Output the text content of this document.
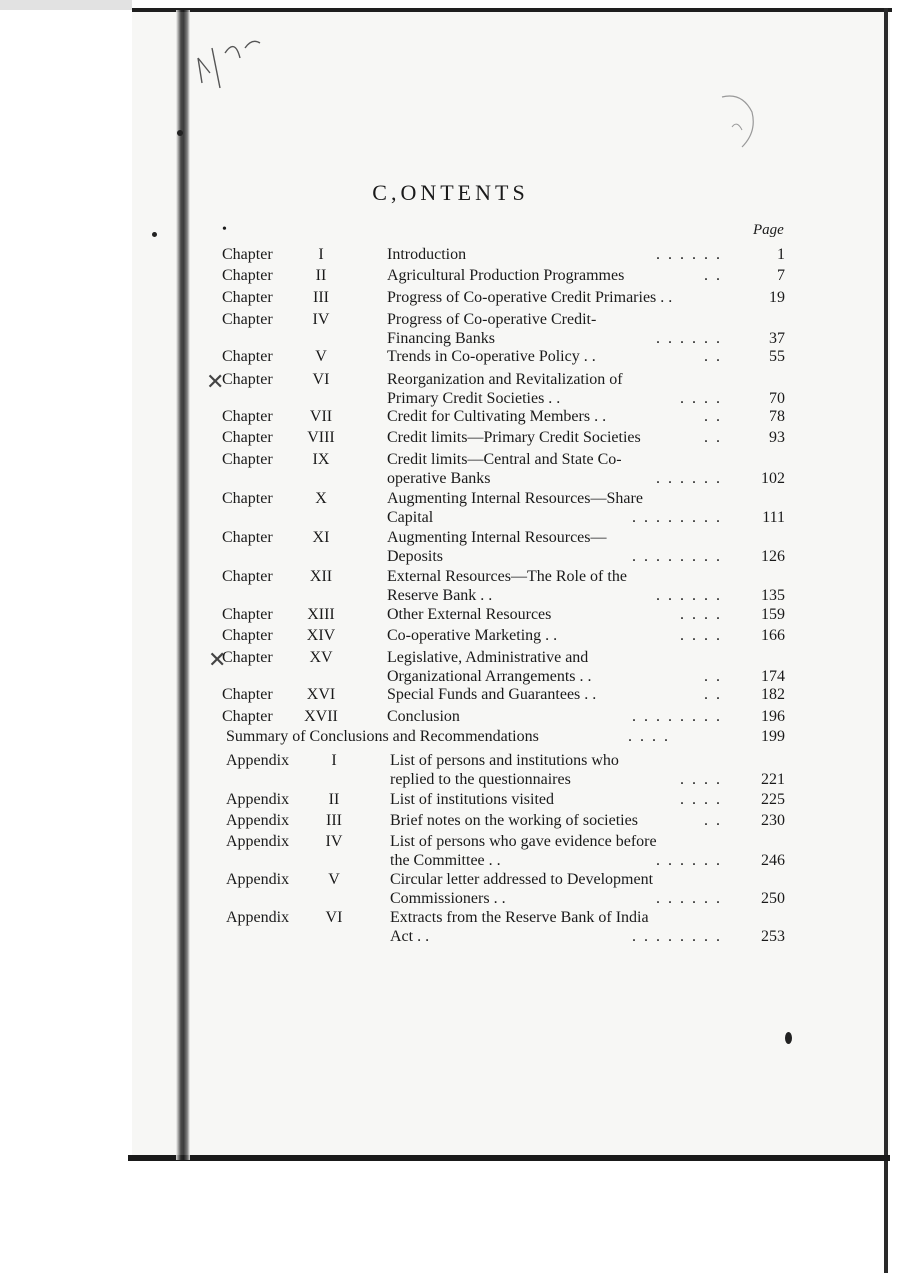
C,ONTENTS
•	Page
Chapter	I	Introduction	. . . . . .	1
Chapter	II	Agricultural Production Programmes	. .	7
Chapter	III	Progress of Co-operative Credit Primaries . .	19
Chapter	IV	Progress of Co-operative Credit-
Financing Banks	. . . . . .	37
Chapter	V	Trends in Co-operative Policy . .	. .	55
Chapter	VI	Reorganization and Revitalization of
Primary Credit Societies . .	. . . .	70
Chapter	VII	Credit for Cultivating Members . .	. .	78
Chapter	VIII	Credit limits—Primary Credit Societies	. .	93
Chapter	IX	Credit limits—Central and State Co-
operative Banks	. . . . . .	102
Chapter	X	Augmenting Internal Resources—Share
Capital	. . . . . . . .	111
Chapter	XI	Augmenting Internal Resources—
Deposits	. . . . . . . .	126
Chapter	XII	External Resources—The Role of the
Reserve Bank . .	. . . . . .	135
Chapter	XIII	Other External Resources	. . . .	159
Chapter	XIV	Co-operative Marketing . .	. . . .	166
Chapter	XV	Legislative, Administrative and
Organizational Arrangements . .	. .	174
Chapter	XVI	Special Funds and Guarantees . .	. .	182
Chapter	XVII	Conclusion	. . . . . . . .	196
Appendix	I	List of persons and institutions who
replied to the questionnaires	. . . .	221
Appendix	II	List of institutions visited	. . . .	225
Appendix	III	Brief notes on the working of societies	. .	230
Appendix	IV	List of persons who gave evidence before
the Committee . .	. . . . . .	246
Appendix	V	Circular letter addressed to Development
Commissioners . .	. . . . . .	250
Appendix	VI	Extracts from the Reserve Bank of India
Act . .	. . . . . . . .	253
✕
✕
Summary of Conclusions and Recommendations	. . . .	199
